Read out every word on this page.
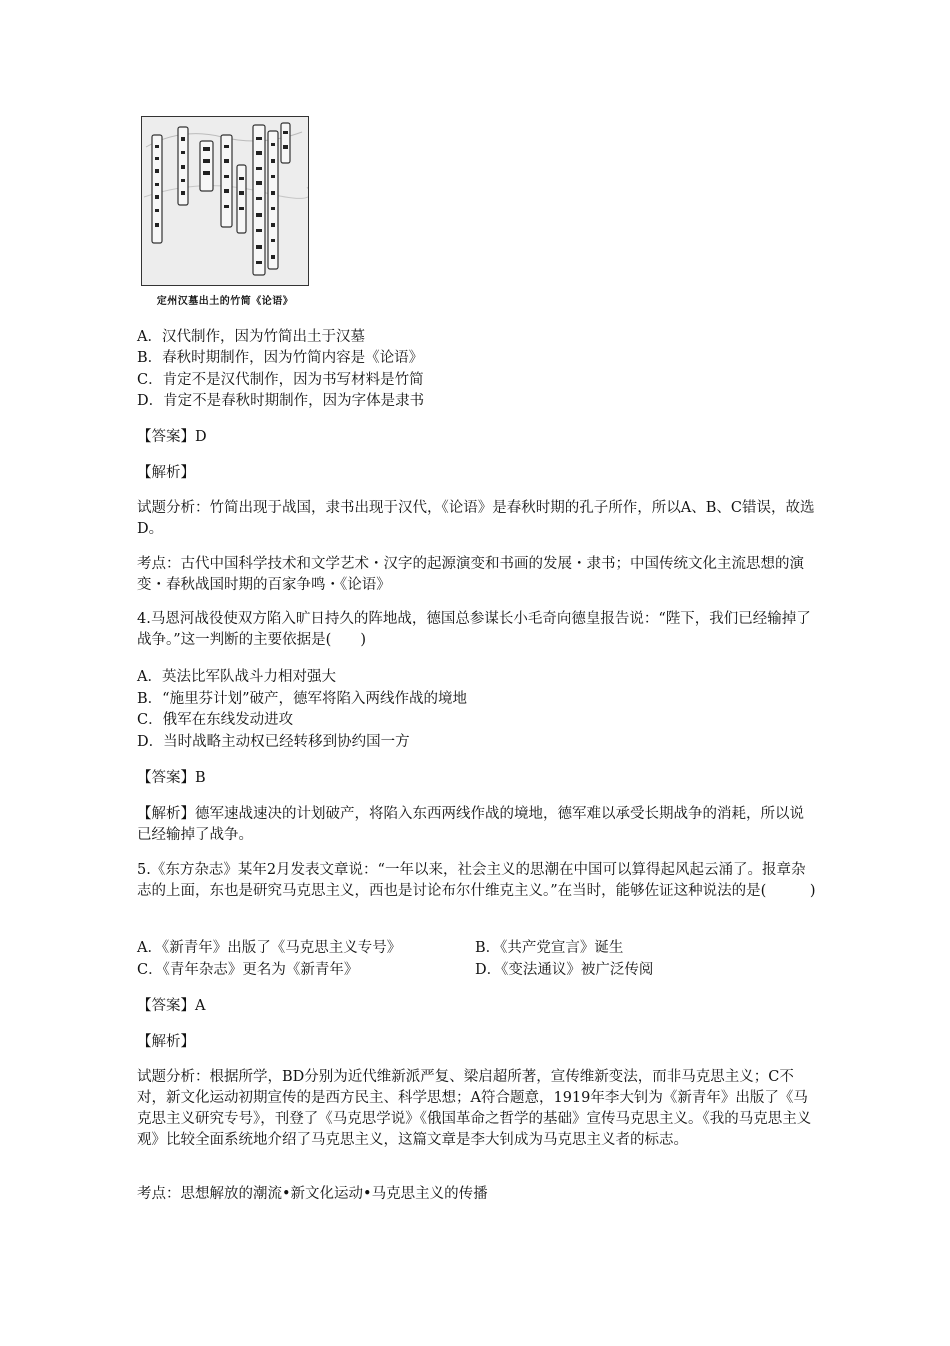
定州汉墓出土的竹简《论语》
A．汉代制作，因为竹简出土于汉墓
B．春秋时期制作，因为竹简内容是《论语》
C．肯定不是汉代制作，因为书写材料是竹简
D．肯定不是春秋时期制作，因为字体是隶书
【答案】D
【解析】
试题分析：竹简出现于战国，隶书出现于汉代，《论语》是春秋时期的孔子所作，所以A、B、C错误，故选D。
考点：古代中国科学技术和文学艺术・汉字的起源演变和书画的发展・隶书；中国传统文化主流思想的演变・春秋战国时期的百家争鸣・《论语》
4.马恩河战役使双方陷入旷日持久的阵地战，德国总参谋长小毛奇向德皇报告说：“陛下，我们已经输掉了战争。”这一判断的主要依据是(　　)
A．英法比军队战斗力相对强大
B．“施里芬计划”破产，德军将陷入两线作战的境地
C．俄军在东线发动进攻
D．当时战略主动权已经转移到协约国一方
【答案】B
【解析】德军速战速决的计划破产，将陷入东西两线作战的境地，德军难以承受长期战争的消耗，所以说已经输掉了战争。
5.《东方杂志》某年2月发表文章说：“一年以来，社会主义的思潮在中国可以算得起风起云涌了。报章杂志的上面，东也是研究马克思主义，西也是讨论布尔什维克主义。”在当时，能够佐证这种说法的是(　　　)
A．《新青年》出版了《马克思主义专号》	B．《共产党宣言》诞生
C．《青年杂志》更名为《新青年》	D．《变法通议》被广泛传阅
【答案】A
【解析】
试题分析：根据所学，BD分别为近代维新派严复、梁启超所著，宣传维新变法，而非马克思主义；C不对，新文化运动初期宣传的是西方民主、科学思想；A符合题意，1919年李大钊为《新青年》出版了《马克思主义研究专号》，刊登了《马克思学说》《俄国革命之哲学的基础》宣传马克思主义。《我的马克思主义观》比较全面系统地介绍了马克思主义，这篇文章是李大钊成为马克思主义者的标志。
考点：思想解放的潮流•新文化运动•马克思主义的传播
